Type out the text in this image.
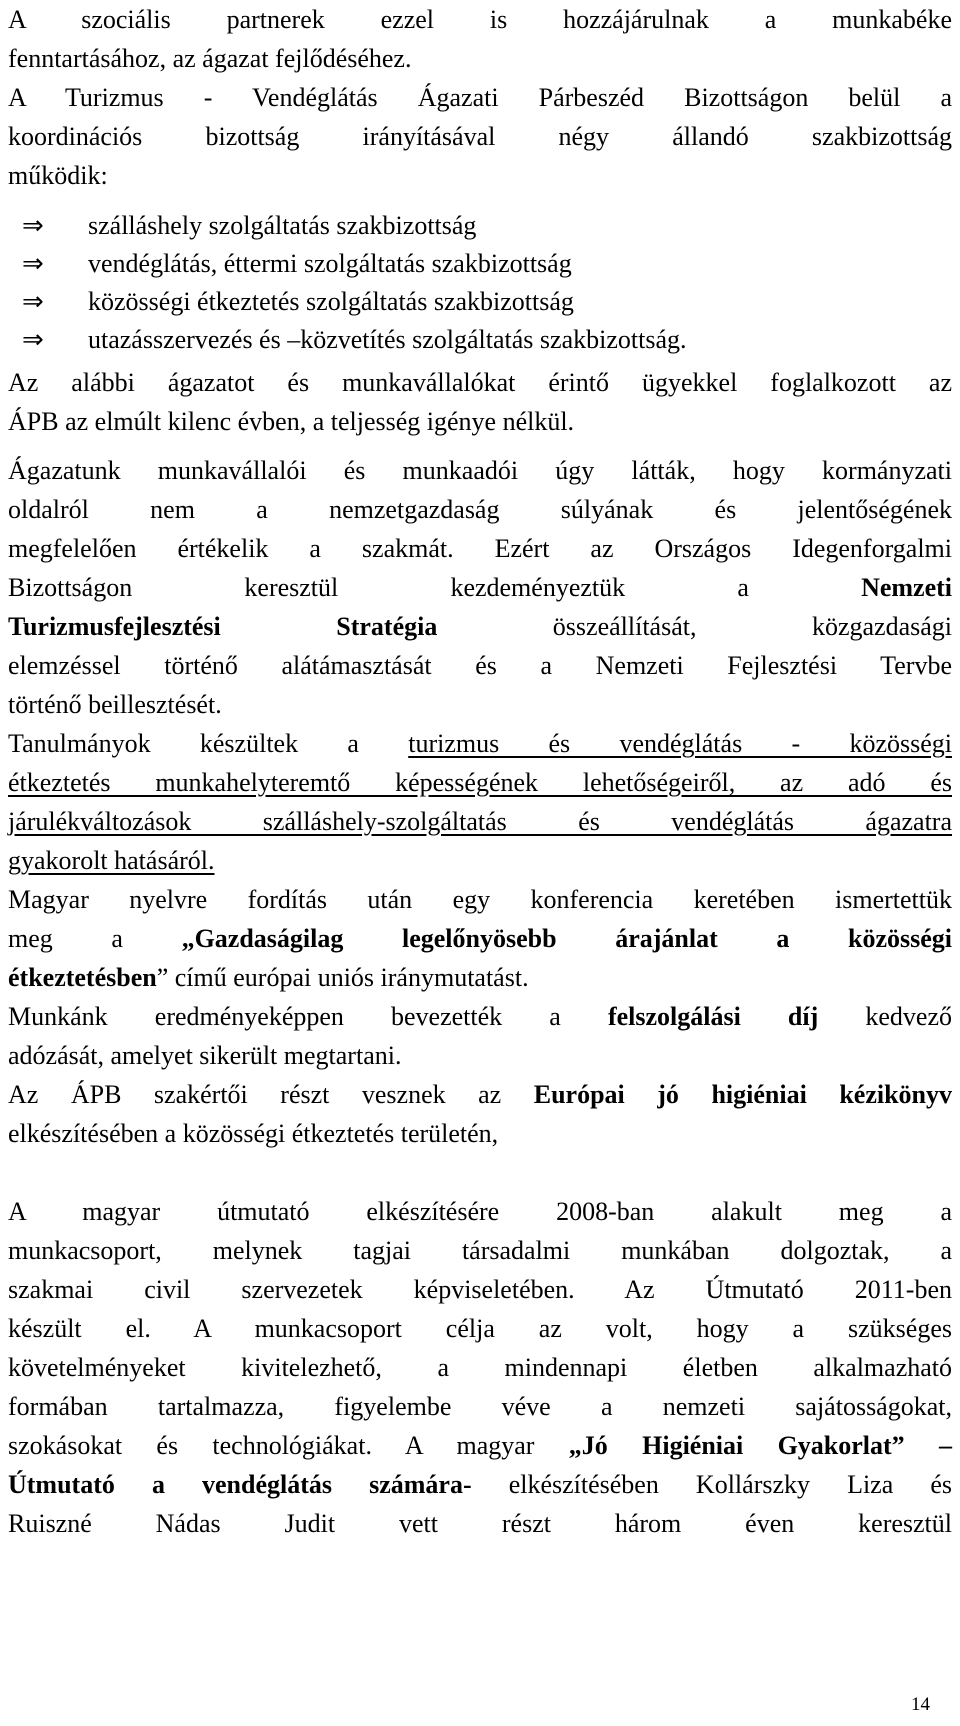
A szociális partnerek ezzel is hozzájárulnak a munkabéke
fenntartásához, az ágazat fejlődéséhez.

A Turizmus - Vendéglátás Ágazati Párbeszéd Bizottságon belül a
koordinációs bizottság irányításával négy állandó szakbizottság
működik:

⇒ szálláshely szolgáltatás szakbizottság
⇒ vendéglátás, éttermi szolgáltatás szakbizottság
⇒ közösségi étkeztetés szolgáltatás szakbizottság
⇒ utazásszervezés és –közvetítés szolgáltatás szakbizottság.

Az alábbi ágazatot és munkavállalókat érintő ügyekkel foglalkozott az
ÁPB az elmúlt kilenc évben, a teljesség igénye nélkül.

Ágazatunk munkavállalói és munkaadói úgy látták, hogy kormányzati
oldalról nem a nemzetgazdaság súlyának és jelentőségének
megfelelően értékelik a szakmát. Ezért az Országos Idegenforgalmi
Bizottságon keresztül kezdeményeztük a Nemzeti
Turizmusfejlesztési Stratégia összeállítását, közgazdasági
elemzéssel történő alátámasztását és a Nemzeti Fejlesztési Tervbe
történő beillesztését.

Tanulmányok készültek a turizmus és vendéglátás - közösségi
étkeztetés munkahelyteremtő képességének lehetőségeiről, az adó és
járulékváltozások szálláshely-szolgáltatás és vendéglátás ágazatra
gyakorolt hatásáról.

Magyar nyelvre fordítás után egy konferencia keretében ismertettük
meg a „Gazdaságilag legelőnyösebb árajánlat a közösségi
étkeztetésben” című európai uniós iránymutatást.

Munkánk eredményeképpen bevezették a felszolgálási díj kedvező
adózását, amelyet sikerült megtartani.

Az ÁPB szakértői részt vesznek az Európai jó higiéniai kézikönyv
elkészítésében a közösségi étkeztetés területén,

A magyar útmutató elkészítésére 2008-ban alakult meg a
munkacsoport, melynek tagjai társadalmi munkában dolgoztak, a
szakmai civil szervezetek képviseletében. Az Útmutató 2011-ben
készült el. A munkacsoport célja az volt, hogy a szükséges
követelményeket kivitelezhető, a mindennapi életben alkalmazható
formában tartalmazza, figyelembe véve a nemzeti sajátosságokat,
szokásokat és technológiákat. A magyar „Jó Higiéniai Gyakorlat” –
Útmutató a vendéglátás számára- elkészítésében Kollárszky Liza és
Ruiszné Nádas Judit vett részt három éven keresztül

14
